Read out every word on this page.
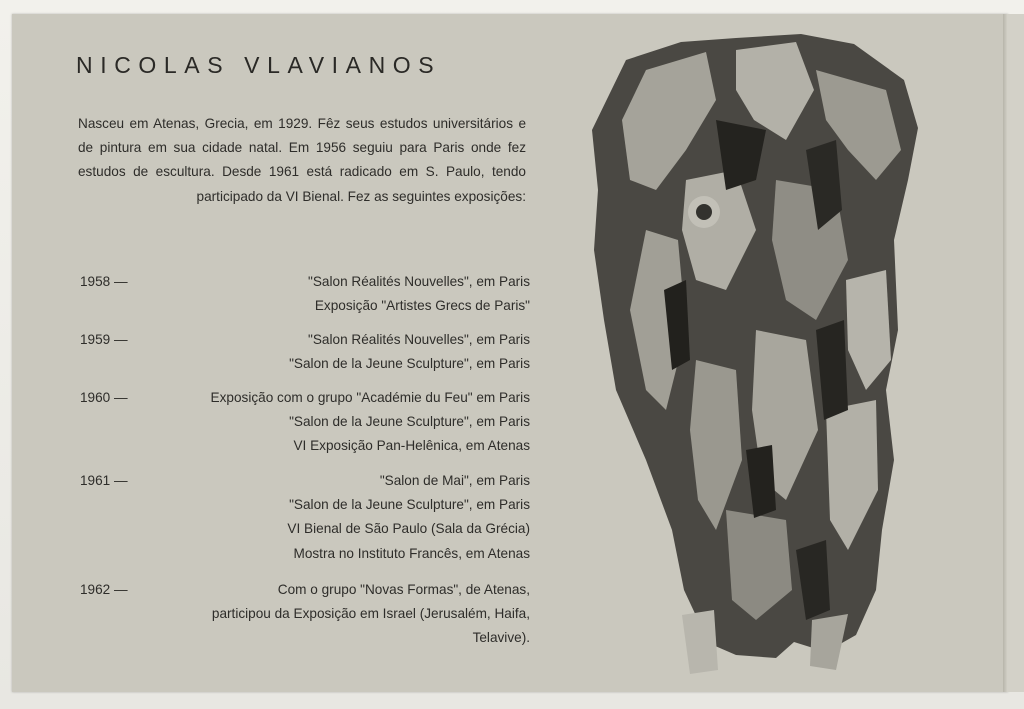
NICOLAS VLAVIANOS

Nasceu em Atenas, Grecia, em 1929. Fêz seus estudos universitários e de pintura em sua cidade natal. Em 1956 seguiu para Paris onde fez estudos de escultura. Desde 1961 está radicado em S. Paulo, tendo participado da VI Bienal. Fez as seguintes exposições:

1958 —	"Salon Réalités Nouvelles", em Paris
Exposição "Artistes Grecs de Paris"
1959 —	"Salon Réalités Nouvelles", em Paris
"Salon de la Jeune Sculpture", em Paris
1960 —	Exposição com o grupo "Académie du Feu" em Paris
"Salon de la Jeune Sculpture", em Paris
VI Exposição Pan-Helênica, em Atenas
1961 —	"Salon de Mai", em Paris
"Salon de la Jeune Sculpture", em Paris
VI Bienal de São Paulo (Sala da Grécia)
Mostra no Instituto Francês, em Atenas
1962 —	Com o grupo "Novas Formas", de Atenas,
participou da Exposição em Israel (Jerusalém, Haifa,
Telavive).
